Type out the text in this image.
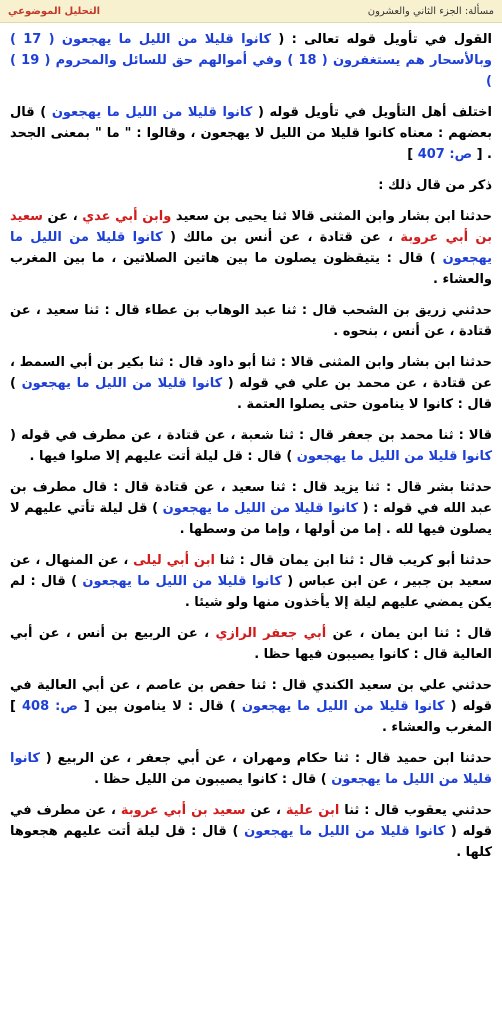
مسألة: الجزء الثاني والعشرون
التحليل الموضوعي
القول في تأويل قوله تعالى : ( كانوا قليلا من الليل ما يهجعون ( 17 ) وبالأسحار هم يستغفرون ( 18 ) وفي أموالهم حق للسائل والمحروم ( 19 ) )
اختلف أهل التأويل في تأويل قوله ( كانوا قليلا من الليل ما يهجعون ) قال بعضهم : معناه كانوا قليلا من الليل لا يهجعون ، وقالوا : " ما " بمعنى الجحد . [ ص: 407 ]
ذكر من قال ذلك :
حدثنا ابن بشار وابن المثنى قالا ثنا يحيى بن سعيد وابن أبي عدي ، عن سعيد بن أبي عروبة ، عن قتادة ، عن أنس بن مالك ( كانوا قليلا من الليل ما يهجعون ) قال : يتيقظون يصلون ما بين هاتين الصلاتين ، ما بين المغرب والعشاء .
حدثني زريق بن الشحب قال : ثنا عبد الوهاب بن عطاء قال : ثنا سعيد ، عن قتادة ، عن أنس ، بنحوه .
حدثنا ابن بشار وابن المثنى قالا : ثنا أبو داود قال : ثنا بكير بن أبي السمط ، عن قتادة ، عن محمد بن علي في قوله ( كانوا قليلا من الليل ما يهجعون ) قال : كانوا لا ينامون حتى يصلوا العتمة .
قالا : ثنا محمد بن جعفر قال : ثنا شعبة ، عن قتادة ، عن مطرف في قوله ( كانوا قليلا من الليل ما يهجعون ) قال : قل ليلة أتت عليهم إلا صلوا فيها .
حدثنا بشر قال : ثنا يزيد قال : ثنا سعيد ، عن قتادة قال : قال مطرف بن عبد الله في قوله : ( كانوا قليلا من الليل ما يهجعون ) قل ليلة تأتي عليهم لا يصلون فيها لله . إما من أولها ، وإما من وسطها .
حدثنا أبو كريب قال : ثنا ابن يمان قال : ثنا ابن أبي ليلى ، عن المنهال ، عن سعيد بن جبير ، عن ابن عباس ( كانوا قليلا من الليل ما يهجعون ) قال : لم يكن يمضي عليهم ليلة إلا يأخذون منها ولو شيئا .
قال : ثنا ابن يمان ، عن أبي جعفر الرازي ، عن الربيع بن أنس ، عن أبي العالية قال : كانوا يصيبون فيها حظا .
حدثني علي بن سعيد الكندي قال : ثنا حفص بن عاصم ، عن أبي العالية في قوله ( كانوا قليلا من الليل ما يهجعون ) قال : لا ينامون بين [ ص: 408 ] المغرب والعشاء .
حدثنا ابن حميد قال : ثنا حكام ومهران ، عن أبي جعفر ، عن الربيع ( كانوا قليلا من الليل ما يهجعون ) قال : كانوا يصيبون من الليل حظا .
حدثني يعقوب قال : ثنا ابن علية ، عن سعيد بن أبي عروبة ، عن مطرف في قوله ( كانوا قليلا من الليل ما يهجعون ) قال : قل ليلة أتت عليهم هجعوها كلها .
